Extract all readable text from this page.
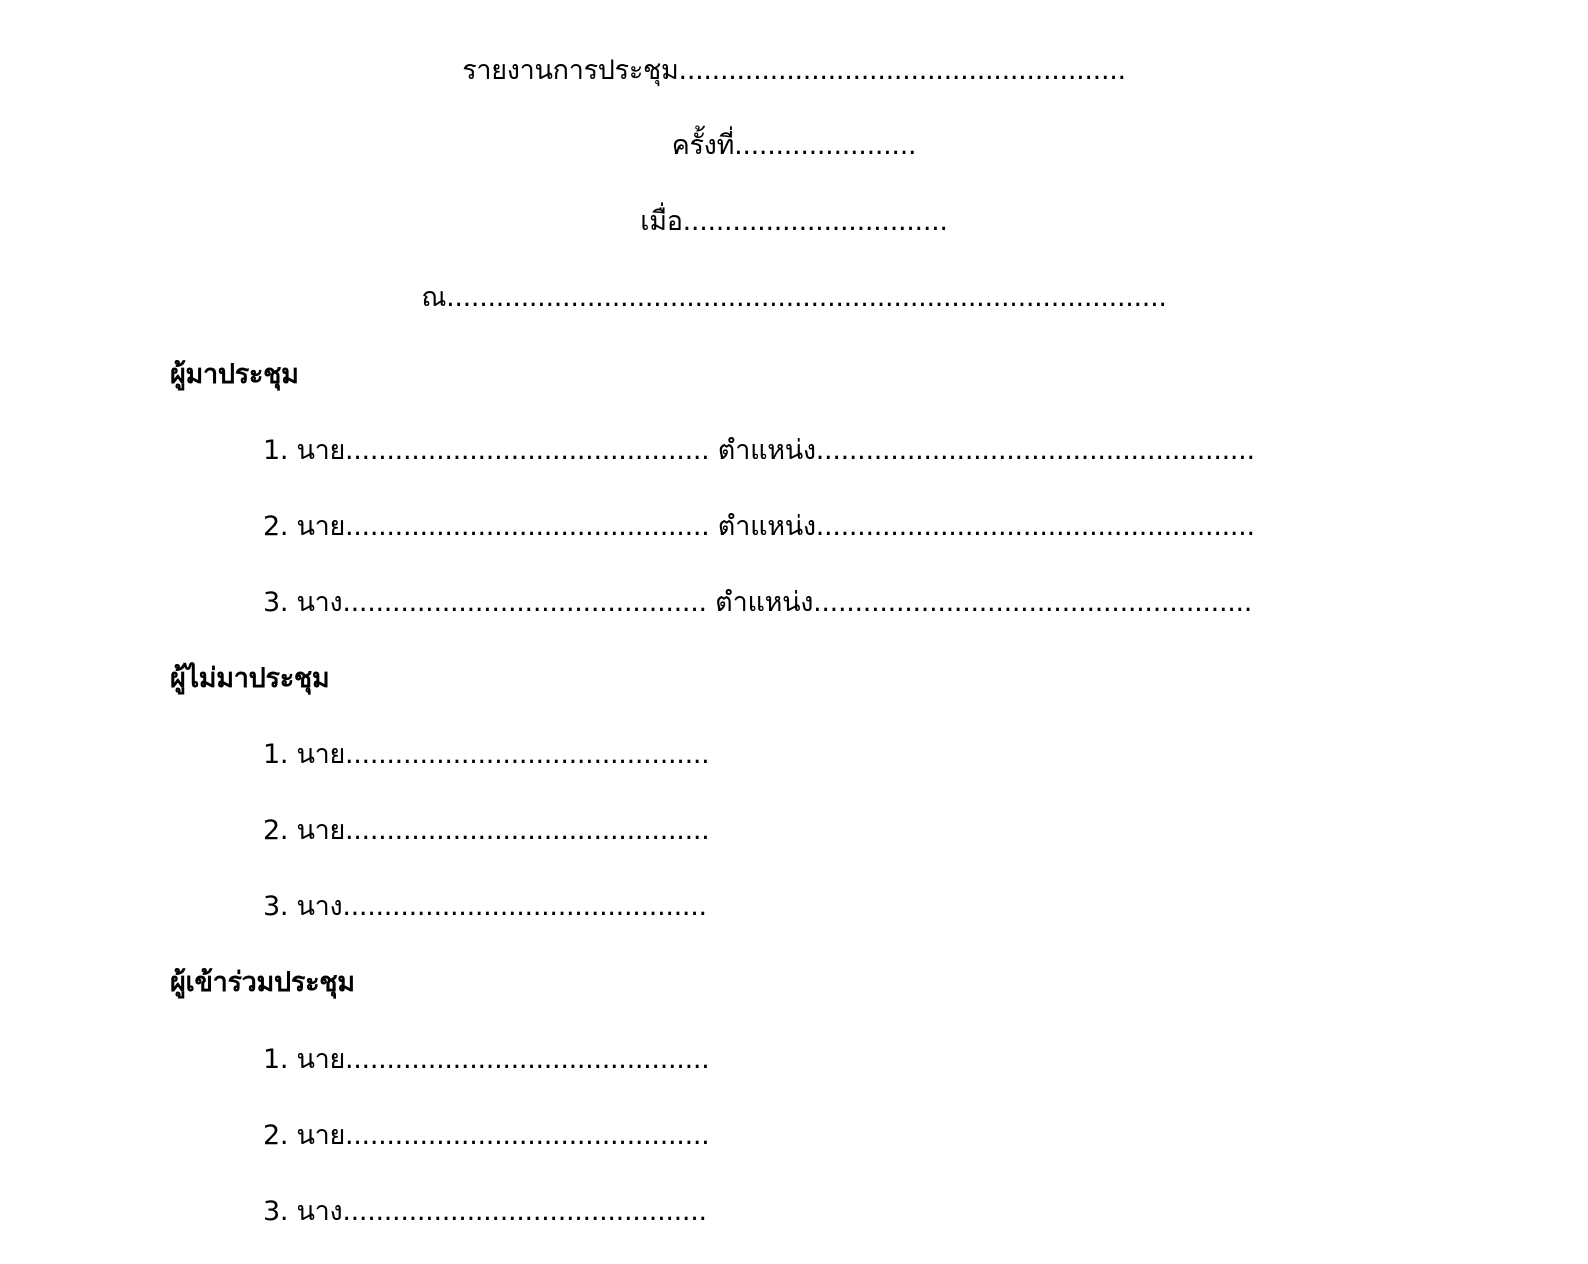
รายงานการประชุม......................................................
ครั้งที่......................
เมื่อ................................
ณ.......................................................................................
ผู้มาประชุม
1. นาย............................................ ตำแหน่ง.....................................................
2. นาย............................................ ตำแหน่ง.....................................................
3. นาง............................................ ตำแหน่ง.....................................................
ผู้ไม่มาประชุม
1. นาย............................................
2. นาย............................................
3. นาง............................................
ผู้เข้าร่วมประชุม
1. นาย............................................
2. นาย............................................
3. นาง............................................
